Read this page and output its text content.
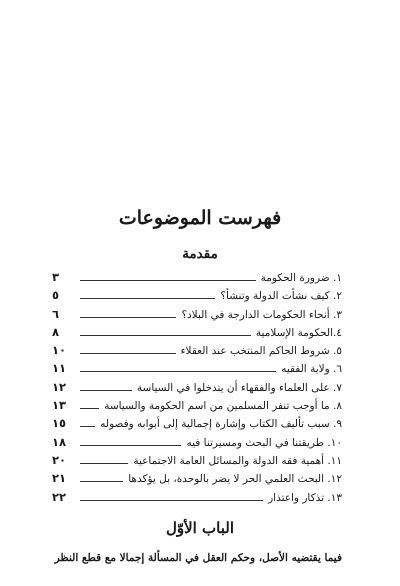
فهرست الموضوعات
مقدمة
١. ضرورة الحكومة
٣
٢. كيف نشأت الدولة وتنشأ؟
٥
٣. أنحاء الحكومات الدارجة في البلاد؟
٦
٤.الحكومة الإسلامية
٨
٥. شروط الحاكم المنتخب عند العقلاء
١٠
٦. ولاية الفقيه
١١
٧. على العلماء والفقهاء أن يتدخلوا في السياسة
١٢
٨. ما أوجب تنفر المسلمين من اسم الحكومة والسياسة
١٣
٩. سبب تأليف الكتاب وإشارة إجمالية إلى أبوابه وفصوله
١٥
١٠. طريقتنا في البحث ومسيرتنا فيه
١٨
١١. أهمية فقه الدولة والمسائل العامة الاجتماعية
٢٠
١٢. البحث العلمي الحر لا يضر بالوحدة، بل يؤكدها
٢١
١٣. تذكار واعتذار
٢٢
الباب الأوّل
فيما يقتضيه الأصل، وحكم العقل في المسألة إجمالا مع قطع النظر
